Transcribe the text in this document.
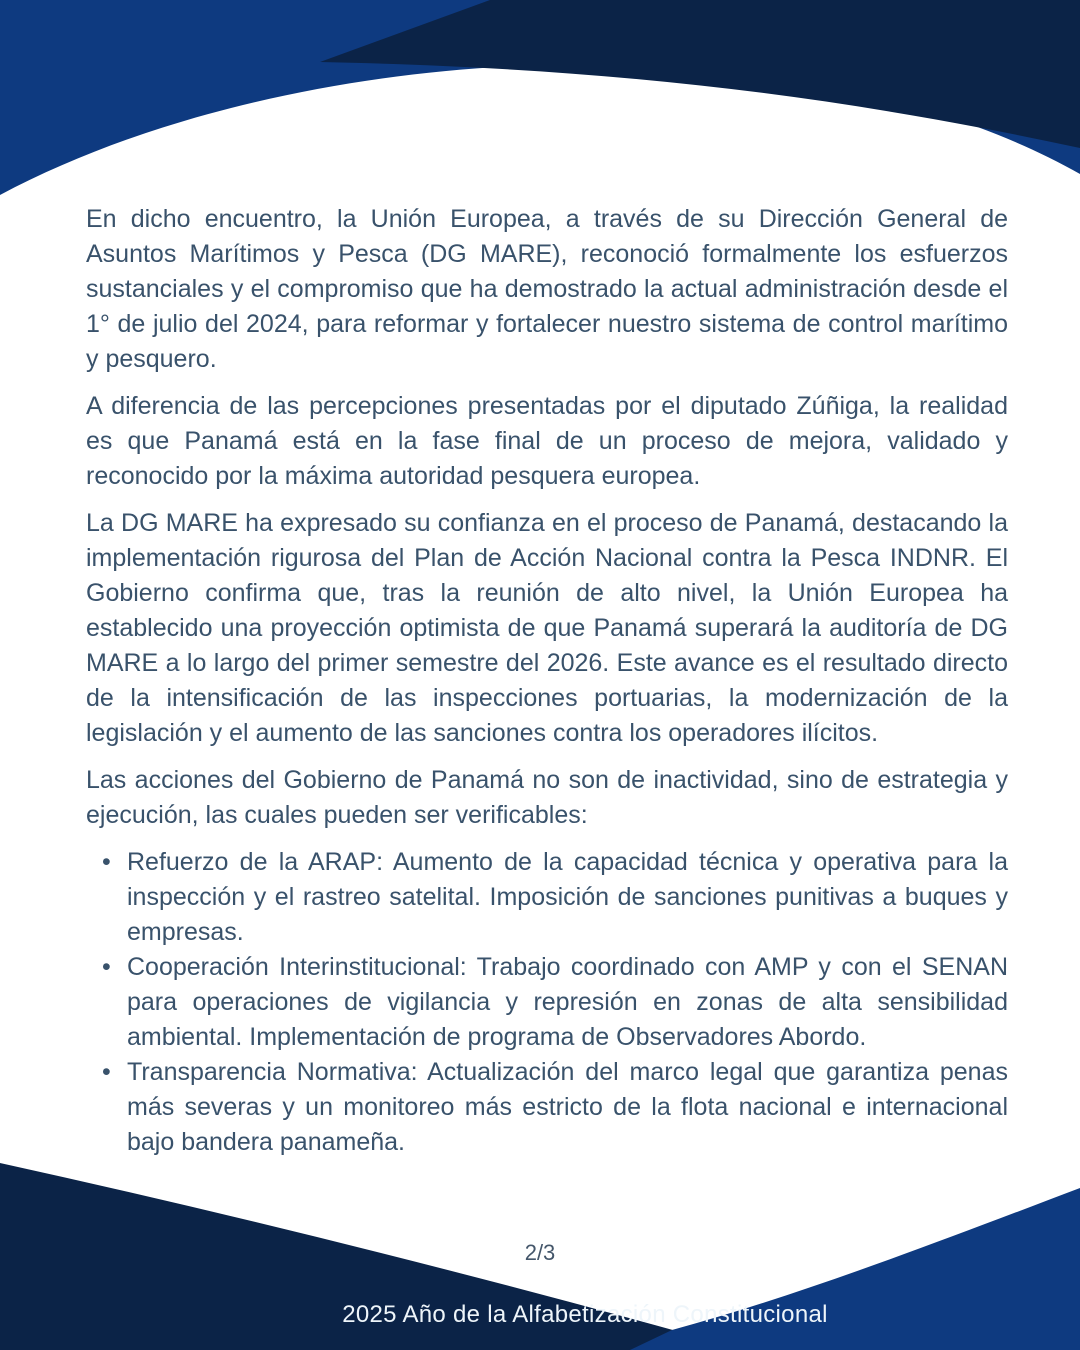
En dicho encuentro, la Unión Europea, a través de su Dirección General de Asuntos Marítimos y Pesca (DG MARE), reconoció formalmente los esfuerzos sustanciales y el compromiso que ha demostrado la actual administración desde el 1° de julio del 2024, para reformar y fortalecer nuestro sistema de control marítimo y pesquero.

A diferencia de las percepciones presentadas por el diputado Zúñiga, la realidad es que Panamá está en la fase final de un proceso de mejora, validado y reconocido por la máxima autoridad pesquera europea.

La DG MARE ha expresado su confianza en el proceso de Panamá, destacando la implementación rigurosa del Plan de Acción Nacional contra la Pesca INDNR. El Gobierno confirma que, tras la reunión de alto nivel, la Unión Europea ha establecido una proyección optimista de que Panamá superará la auditoría de DG MARE a lo largo del primer semestre del 2026. Este avance es el resultado directo de la intensificación de las inspecciones portuarias, la modernización de la legislación y el aumento de las sanciones contra los operadores ilícitos.

Las acciones del Gobierno de Panamá no son de inactividad, sino de estrategia y ejecución, las cuales pueden ser verificables:

• Refuerzo de la ARAP: Aumento de la capacidad técnica y operativa para la inspección y el rastreo satelital. Imposición de sanciones punitivas a buques y empresas.
• Cooperación Interinstitucional: Trabajo coordinado con AMP y con el SENAN para operaciones de vigilancia y represión en zonas de alta sensibilidad ambiental. Implementación de programa de Observadores Abordo.
• Transparencia Normativa: Actualización del marco legal que garantiza penas más severas y un monitoreo más estricto de la flota nacional e internacional bajo bandera panameña.
2/3
2025 Año de la Alfabetización Constitucional
